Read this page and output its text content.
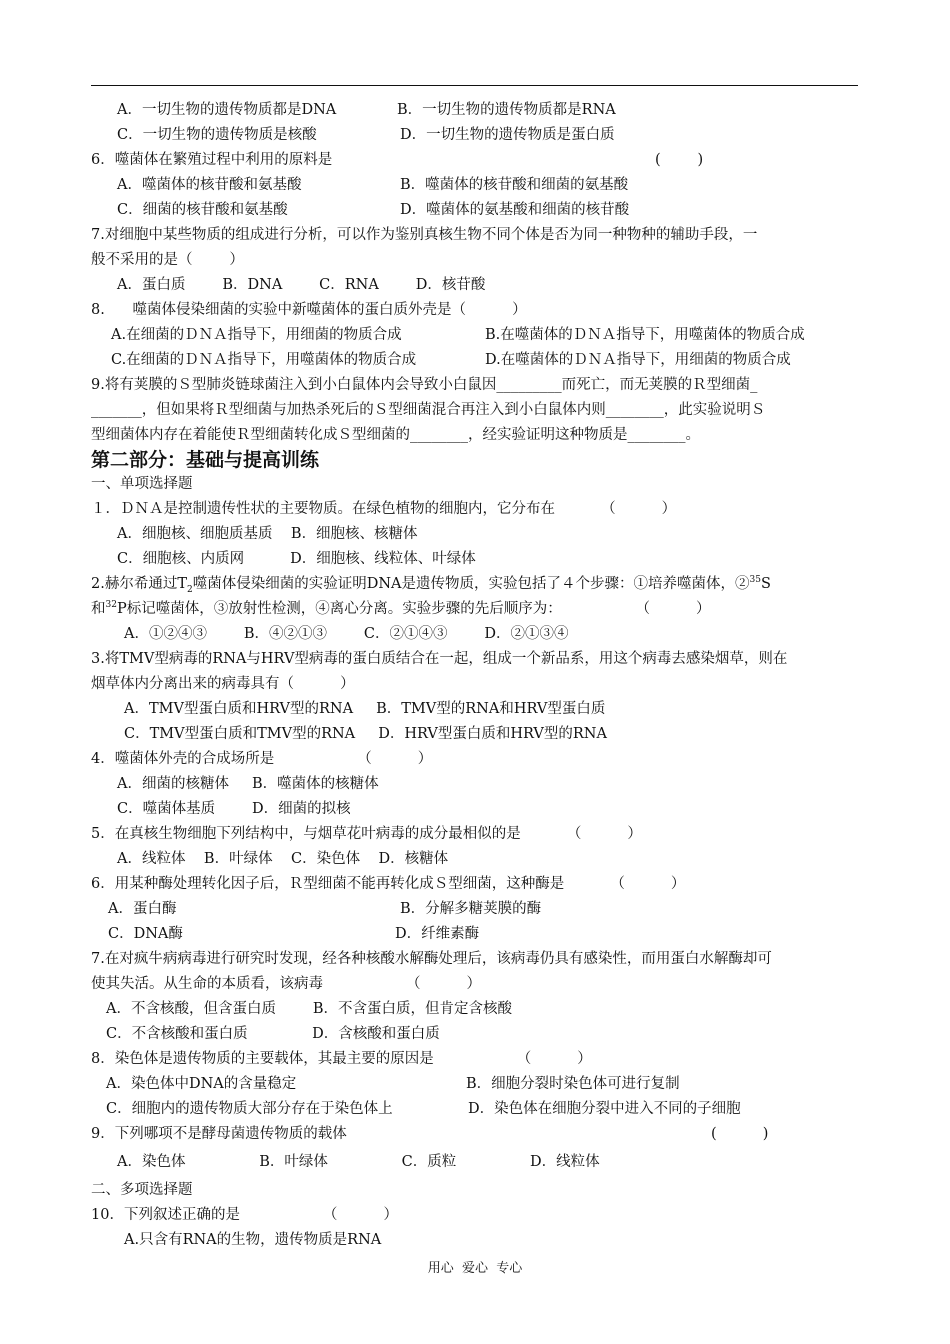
A．一切生物的遗传物质都是DNA	B．一切生物的遗传物质都是RNA
C．一切生物的遗传物质是核酸	D．一切生物的遗传物质是蛋白质
6．噬菌体在繁殖过程中利用的原料是	(        )
A．噬菌体的核苷酸和氨基酸	B．噬菌体的核苷酸和细菌的氨基酸
C．细菌的核苷酸和氨基酸	D．噬菌体的氨基酸和细菌的核苷酸
7.对细胞中某些物质的组成进行分析，可以作为鉴别真核生物不同个体是否为同一种物种的辅助手段，一
般不采用的是（        ）
A．蛋白质        B．DNA        C．RNA        D．核苷酸
8.      噬菌体侵染细菌的实验中新噬菌体的蛋白质外壳是（          ）
A.在细菌的ＤＮＡ指导下，用细菌的物质合成	B.在噬菌体的ＤＮＡ指导下，用噬菌体的物质合成
C.在细菌的ＤＮＡ指导下，用噬菌体的物质合成	D.在噬菌体的ＤＮＡ指导下，用细菌的物质合成
9.将有荚膜的Ｓ型肺炎链球菌注入到小白鼠体内会导致小白鼠因_________而死亡，而无荚膜的Ｒ型细菌_
_______，但如果将Ｒ型细菌与加热杀死后的Ｓ型细菌混合再注入到小白鼠体内则________，此实验说明Ｓ
型细菌体内存在着能使Ｒ型细菌转化成Ｓ型细菌的________，经实验证明这种物质是________。
第二部分：基础与提高训练
一、单项选择题
１．ＤＮＡ是控制遗传性状的主要物质。在绿色植物的细胞内，它分布在          （          ）
A．细胞核、细胞质基质    B．细胞核、核糖体
C．细胞核、内质网          D．细胞核、线粒体、叶绿体
2.赫尔希通过$T_2$噬菌体侵染细菌的实验证明DNA是遗传物质，实验包括了４个步骤：①培养噬菌体，②$^{35}$S
和$^{32}$P标记噬菌体，③放射性检测，④离心分离。实验步骤的先后顺序为：                （          ）
A．①②④③        B．④②①③        C．②①④③        D．②①③④
3.将TMV型病毒的RNA与HRV型病毒的蛋白质结合在一起，组成一个新品系，用这个病毒去感染烟草，则在
烟草体内分离出来的病毒具有（          ）
A．TMV型蛋白质和HRV型的RNA     B．TMV型的RNA和HRV型蛋白质
C．TMV型蛋白质和TMV型的RNA     D．HRV型蛋白质和HRV型的RNA
4．噬菌体外壳的合成场所是                  （          ）
A．细菌的核糖体     B．噬菌体的核糖体
C．噬菌体基质        D．细菌的拟核
5．在真核生物细胞下列结构中，与烟草花叶病毒的成分最相似的是          （          ）
A．线粒体    B．叶绿体    C．染色体    D．核糖体
6．用某种酶处理转化因子后，Ｒ型细菌不能再转化成Ｓ型细菌，这种酶是          （          ）
A．蛋白酶	B．分解多糖荚膜的酶
C．DNA酶	D．纤维素酶
7.在对疯牛病病毒进行研究时发现，经各种核酸水解酶处理后，该病毒仍具有感染性，而用蛋白水解酶却可
使其失活。从生命的本质看，该病毒                  （          ）
A．不含核酸，但含蛋白质        B．不含蛋白质，但肯定含核酸
C．不含核酸和蛋白质              D．含核酸和蛋白质
8．染色体是遗传物质的主要载体，其最主要的原因是                  （          ）
A．染色体中DNA的含量稳定	B．细胞分裂时染色体可进行复制
C．细胞内的遗传物质大部分存在于染色体上	D．染色体在细胞分裂中进入不同的子细胞
9．下列哪项不是酵母菌遗传物质的载体	(          )
A．染色体                B．叶绿体                C．质粒                D．线粒体
二、多项选择题
10．下列叙述正确的是                  （          ）
A.只含有RNA的生物，遗传物质是RNA
用心  爱心  专心
